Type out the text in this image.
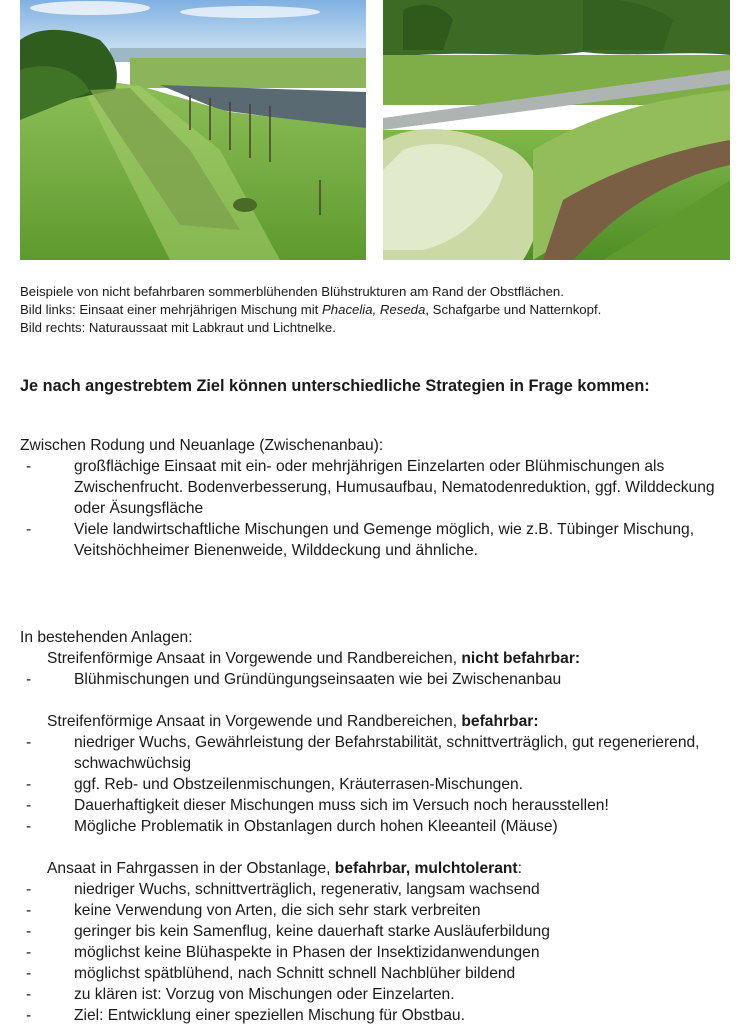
Beispiele von nicht befahrbaren sommerblühenden Blühstrukturen am Rand der Obstflächen.
Bild links: Einsaat einer mehrjährigen Mischung mit Phacelia, Reseda, Schafgarbe und Natternkopf.
Bild rechts: Naturaussaat mit Labkraut und Lichtnelke.
Je nach angestrebtem Ziel können unterschiedliche Strategien in Frage kommen:
Zwischen Rodung und Neuanlage (Zwischenanbau):
- großflächige Einsaat mit ein- oder mehrjährigen Einzelarten oder Blühmischungen als Zwischenfrucht. Bodenverbesserung, Humusaufbau, Nematodenreduktion, ggf. Wilddeckung oder Äsungsfläche
- Viele landwirtschaftliche Mischungen und Gemenge möglich, wie z.B. Tübinger Mischung, Veitshöchheimer Bienenweide, Wilddeckung und ähnliche.
In bestehenden Anlagen:
Streifenförmige Ansaat in Vorgewende und Randbereichen, nicht befahrbar:
- Blühmischungen und Gründüngungseinsaaten wie bei Zwischenanbau
Streifenförmige Ansaat in Vorgewende und Randbereichen, befahrbar:
- niedriger Wuchs, Gewährleistung der Befahrstabilität, schnittverträglich, gut regenerierend, schwachwüchsig
- ggf. Reb- und Obstzeilenmischungen, Kräuterrasen-Mischungen.
- Dauerhaftigkeit dieser Mischungen muss sich im Versuch noch herausstellen!
- Mögliche Problematik in Obstanlagen durch hohen Kleeanteil (Mäuse)
Ansaat in Fahrgassen in der Obstanlage, befahrbar, mulchtolerant:
- niedriger Wuchs, schnittverträglich, regenerativ, langsam wachsend
- keine Verwendung von Arten, die sich sehr stark verbreiten
- geringer bis kein Samenflug, keine dauerhaft starke Ausläuferbildung
- möglichst keine Blühaspekte in Phasen der Insektizidanwendungen
- möglichst spätblühend, nach Schnitt schnell Nachblüher bildend
- zu klären ist: Vorzug von Mischungen oder Einzelarten.
- Ziel: Entwicklung einer speziellen Mischung für Obstbau.
